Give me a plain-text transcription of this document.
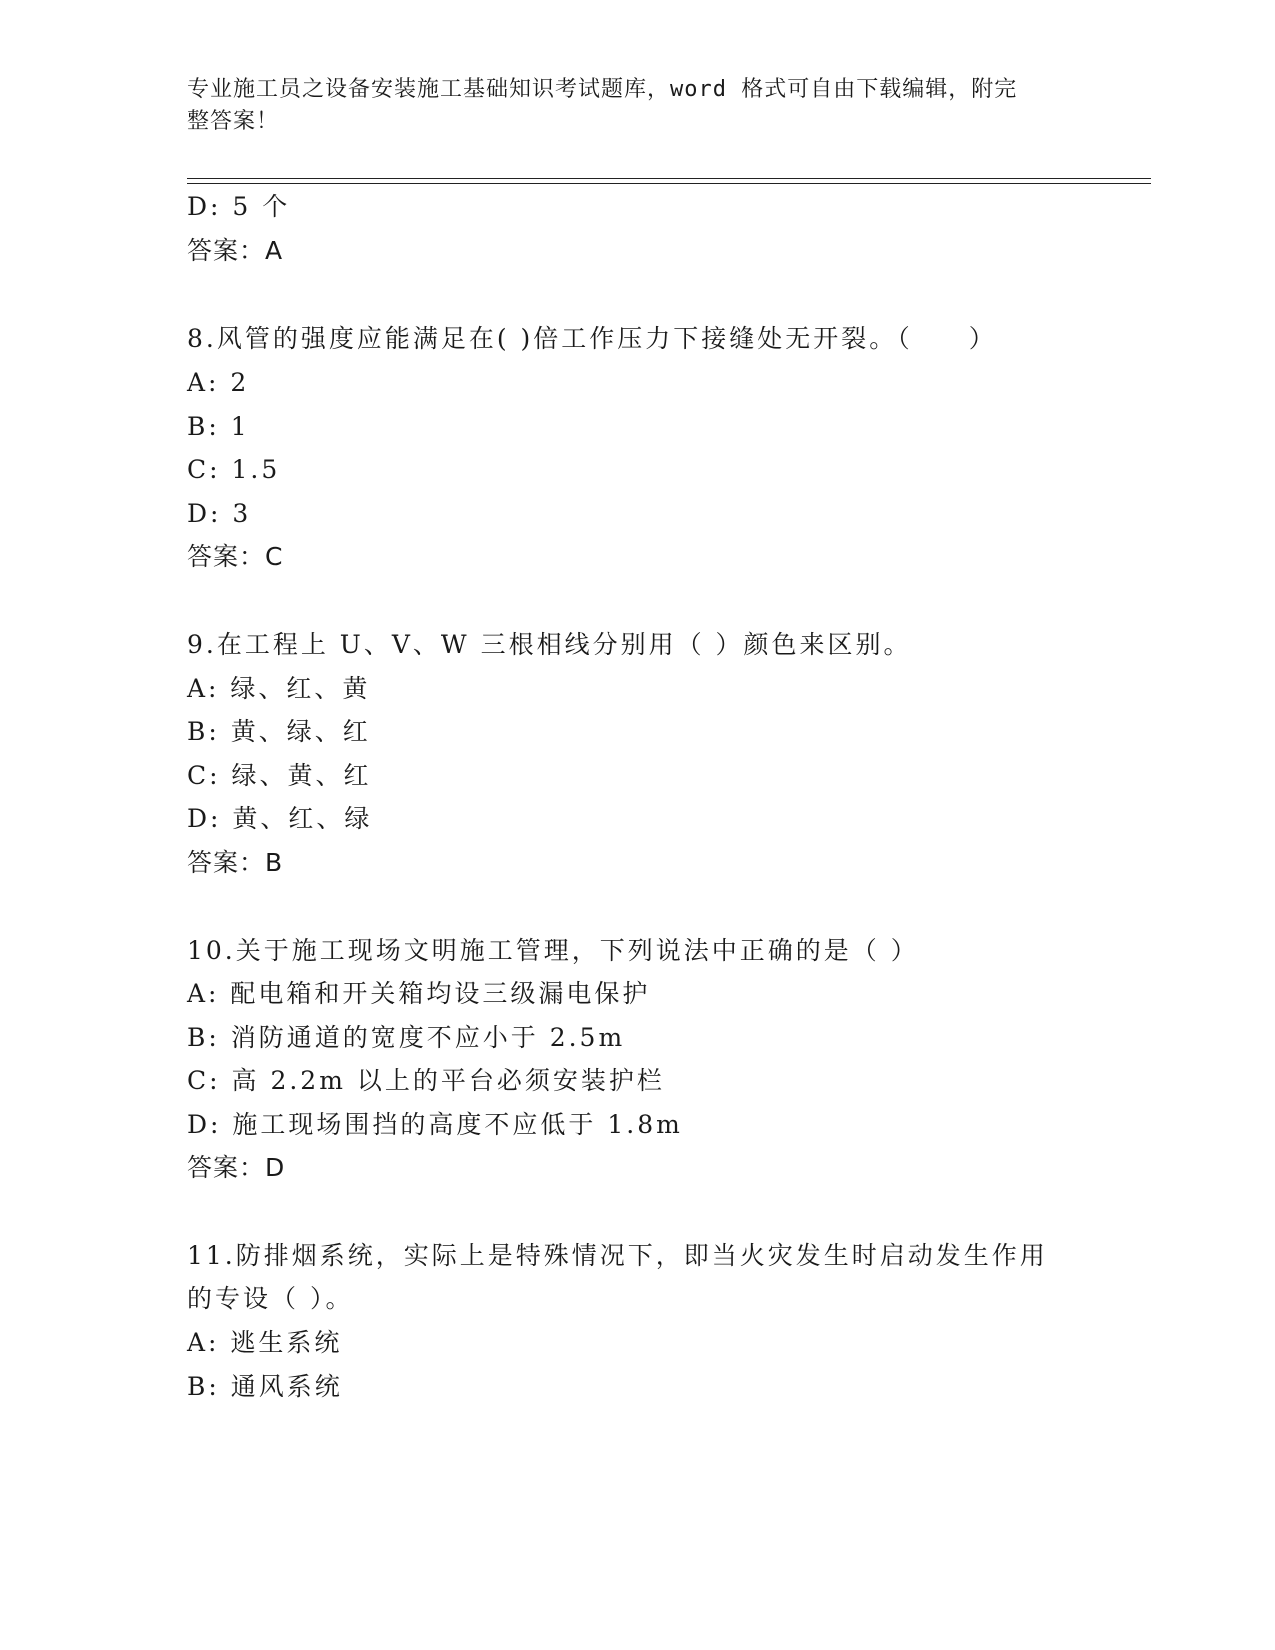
专业施工员之设备安装施工基础知识考试题库，word 格式可自由下载编辑，附完
整答案！
D: 5 个
答案：A
8.风管的强度应能满足在( )倍工作压力下接缝处无开裂。（　　）
A: 2
B: 1
C: 1.5
D: 3
答案：C
9.在工程上 U、V、W 三根相线分别用（ ）颜色来区别。
A: 绿、红、黄
B: 黄、绿、红
C: 绿、黄、红
D: 黄、红、绿
答案：B
10.关于施工现场文明施工管理，下列说法中正确的是（ ）
A: 配电箱和开关箱均设三级漏电保护
B: 消防通道的宽度不应小于 2.5m
C: 高 2.2m 以上的平台必须安装护栏
D: 施工现场围挡的高度不应低于 1.8m
答案：D
11.防排烟系统，实际上是特殊情况下，即当火灾发生时启动发生作用
的专设（ ）。
A: 逃生系统
B: 通风系统
